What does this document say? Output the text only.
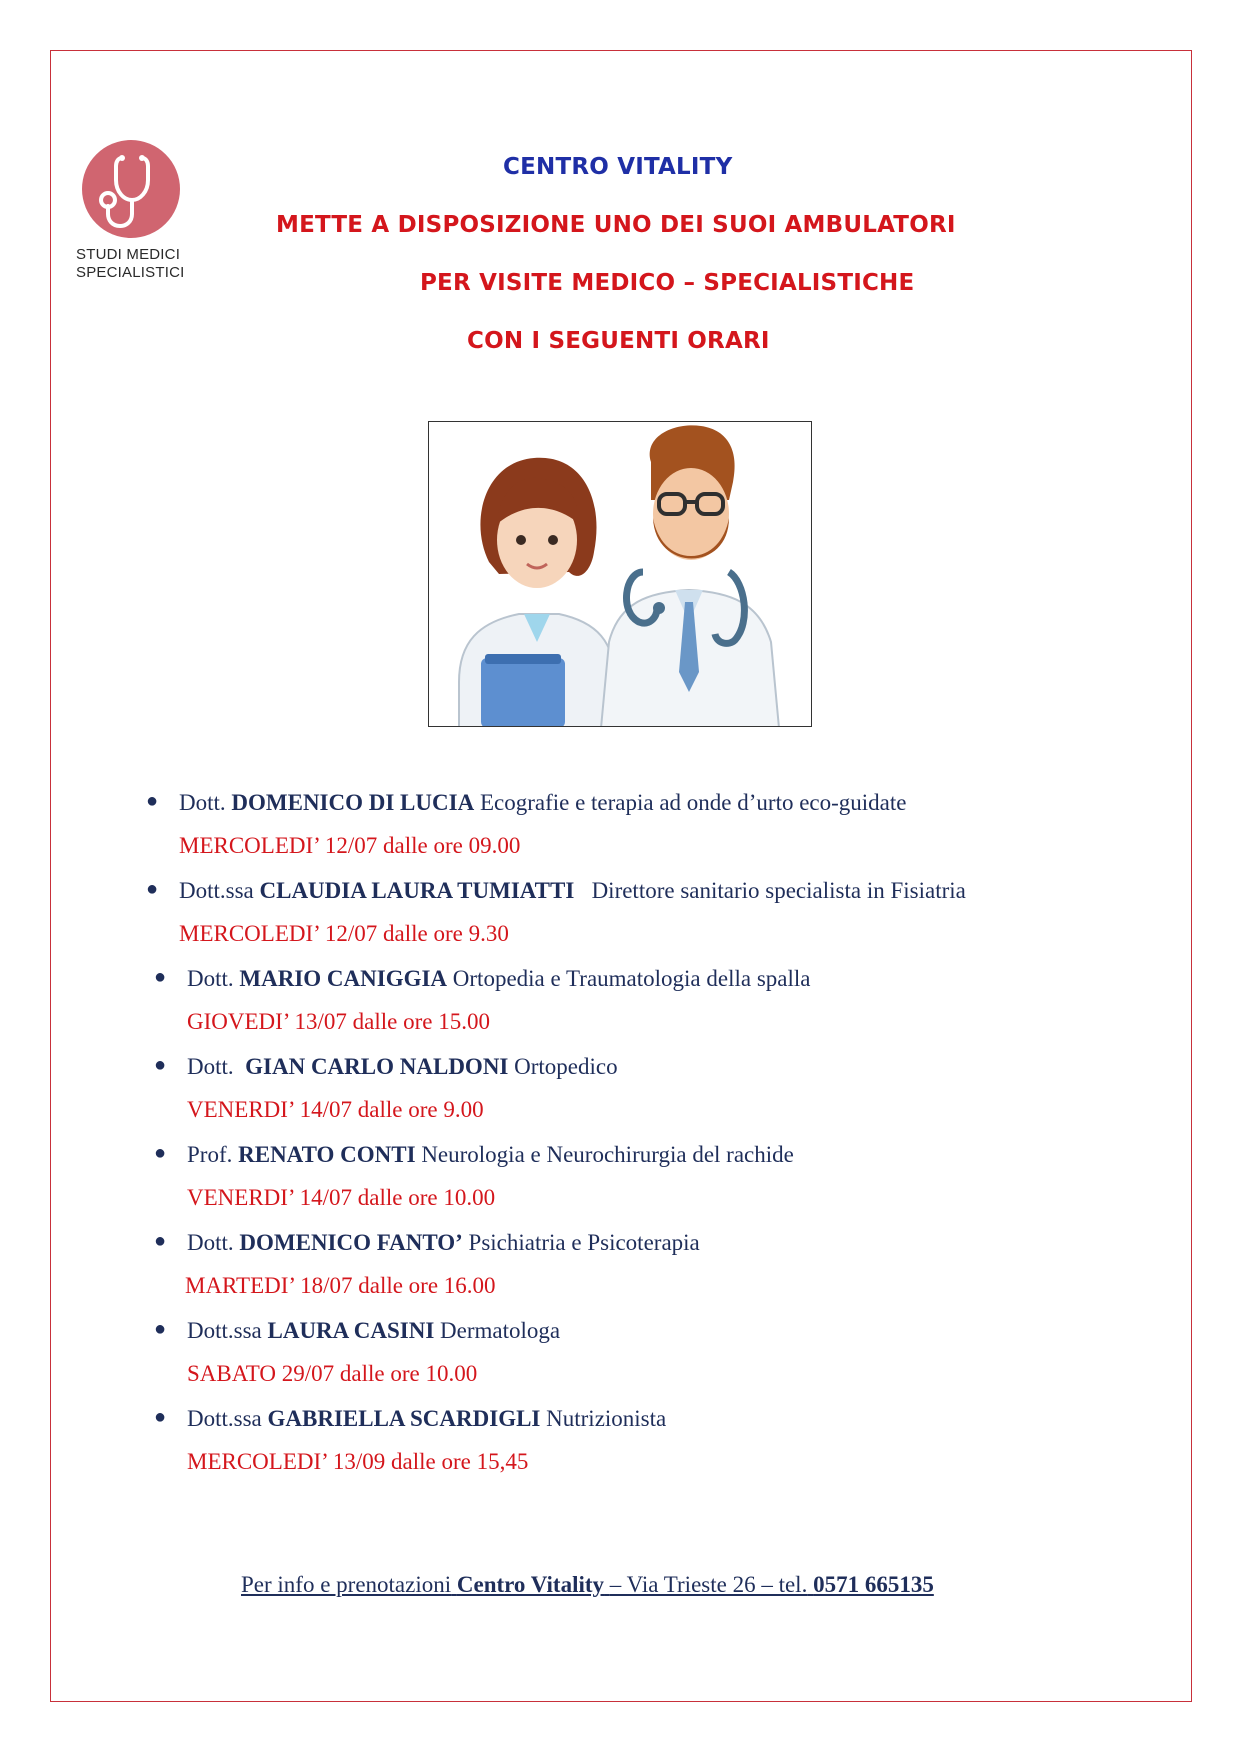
STUDI MEDICI
SPECIALISTICI
CENTRO VITALITY
METTE A DISPOSIZIONE UNO DEI SUOI AMBULATORI
PER VISITE MEDICO – SPECIALISTICHE
CON I SEGUENTI ORARI
● Dott. DOMENICO DI LUCIA Ecografie e terapia ad onde d’urto eco-guidate
MERCOLEDI’ 12/07 dalle ore 09.00
● Dott.ssa CLAUDIA LAURA TUMIATTI Direttore sanitario specialista in Fisiatria
MERCOLEDI’ 12/07 dalle ore 9.30
● Dott. MARIO CANIGGIA Ortopedia e Traumatologia della spalla
GIOVEDI’ 13/07 dalle ore 15.00
● Dott. GIAN CARLO NALDONI Ortopedico
VENERDI’ 14/07 dalle ore 9.00
● Prof. RENATO CONTI Neurologia e Neurochirurgia del rachide
VENERDI’ 14/07 dalle ore 10.00
● Dott. DOMENICO FANTO’ Psichiatria e Psicoterapia
MARTEDI’ 18/07 dalle ore 16.00
● Dott.ssa LAURA CASINI Dermatologa
SABATO 29/07 dalle ore 10.00
● Dott.ssa GABRIELLA SCARDIGLI Nutrizionista
MERCOLEDI’ 13/09 dalle ore 15,45
Per info e prenotazioni Centro Vitality – Via Trieste 26 – tel. 0571 665135
